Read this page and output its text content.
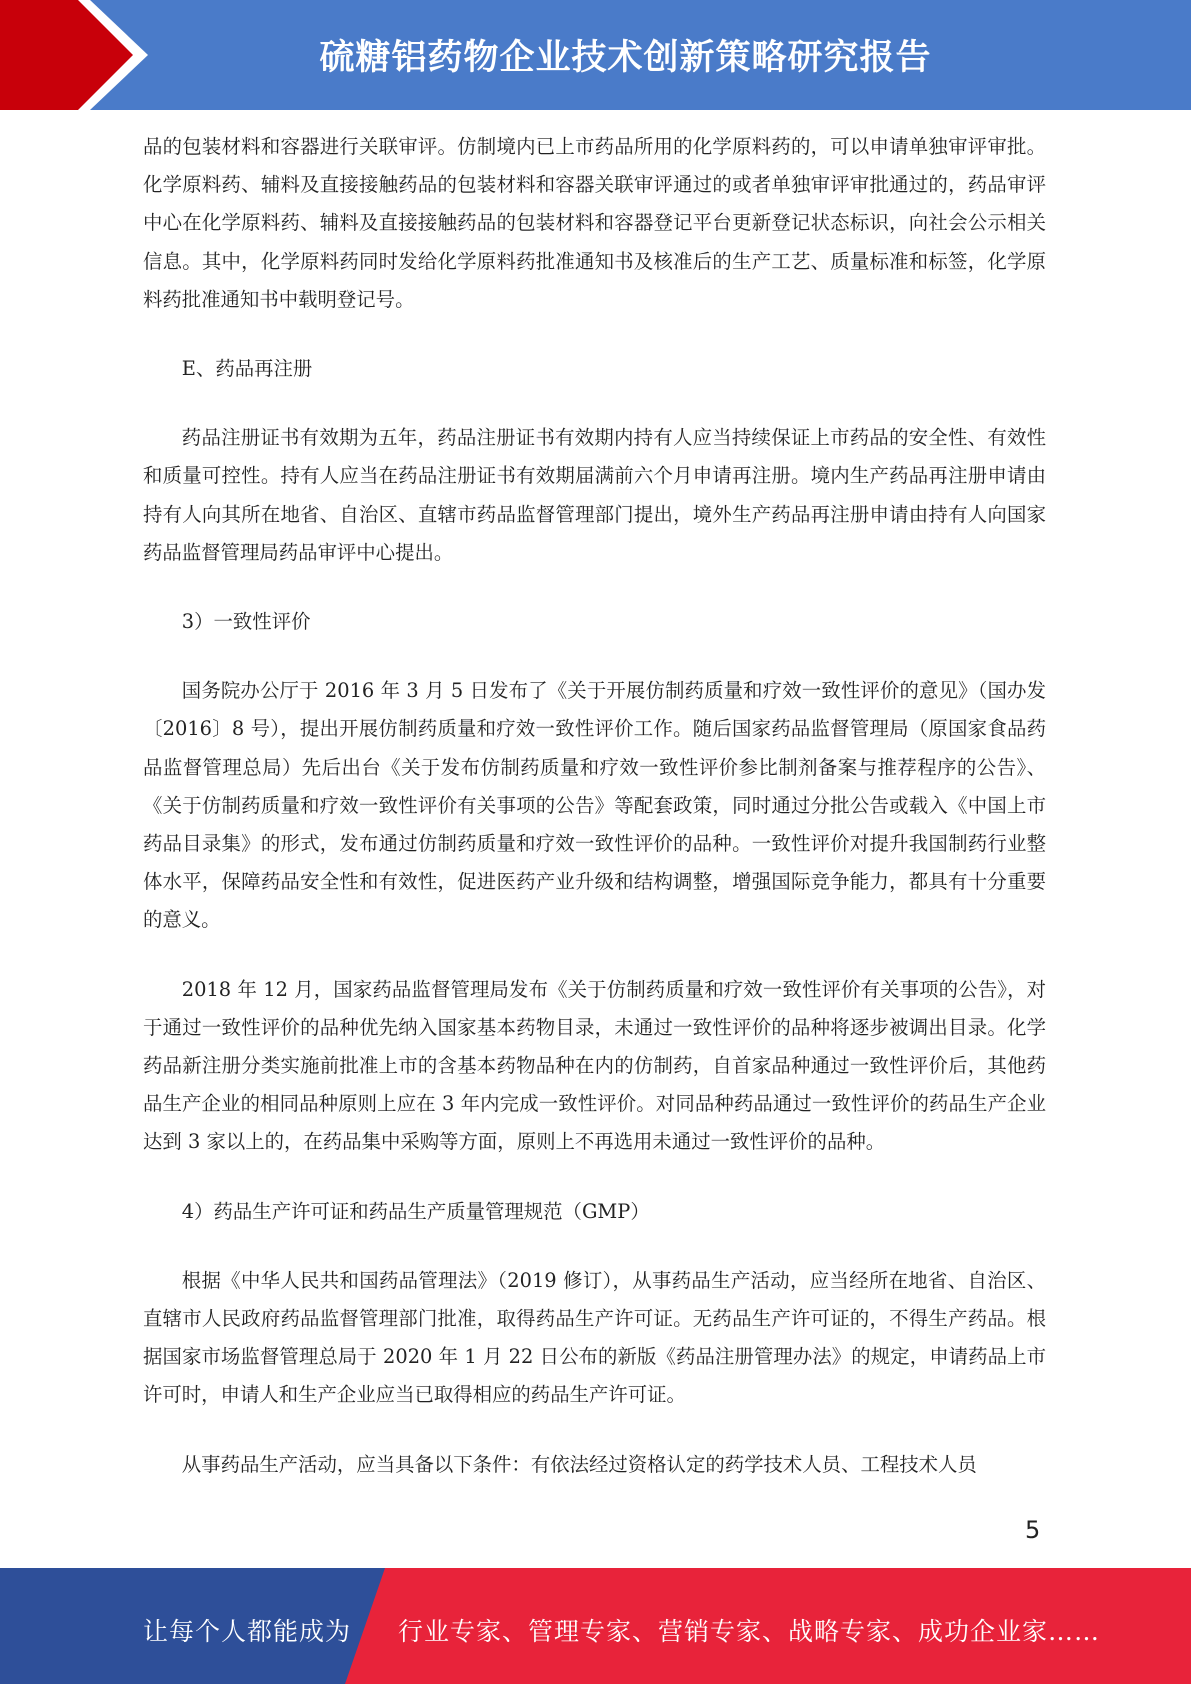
硫糖铝药物企业技术创新策略研究报告

品的包装材料和容器进行关联审评。仿制境内已上市药品所用的化学原料药的，可以申请单独审评审批。化学原料药、辅料及直接接触药品的包装材料和容器关联审评通过的或者单独审评审批通过的，药品审评中心在化学原料药、辅料及直接接触药品的包装材料和容器登记平台更新登记状态标识，向社会公示相关信息。其中，化学原料药同时发给化学原料药批准通知书及核准后的生产工艺、质量标准和标签，化学原料药批准通知书中载明登记号。

E、药品再注册

药品注册证书有效期为五年，药品注册证书有效期内持有人应当持续保证上市药品的安全性、有效性和质量可控性。持有人应当在药品注册证书有效期届满前六个月申请再注册。境内生产药品再注册申请由持有人向其所在地省、自治区、直辖市药品监督管理部门提出，境外生产药品再注册申请由持有人向国家药品监督管理局药品审评中心提出。

3）一致性评价

国务院办公厅于 2016 年 3 月 5 日发布了《关于开展仿制药质量和疗效一致性评价的意见》（国办发〔2016〕8 号），提出开展仿制药质量和疗效一致性评价工作。随后国家药品监督管理局（原国家食品药品监督管理总局）先后出台《关于发布仿制药质量和疗效一致性评价参比制剂备案与推荐程序的公告》、《关于仿制药质量和疗效一致性评价有关事项的公告》等配套政策，同时通过分批公告或载入《中国上市药品目录集》的形式，发布通过仿制药质量和疗效一致性评价的品种。一致性评价对提升我国制药行业整体水平，保障药品安全性和有效性，促进医药产业升级和结构调整，增强国际竞争能力，都具有十分重要的意义。

2018 年 12 月，国家药品监督管理局发布《关于仿制药质量和疗效一致性评价有关事项的公告》，对于通过一致性评价的品种优先纳入国家基本药物目录，未通过一致性评价的品种将逐步被调出目录。化学药品新注册分类实施前批准上市的含基本药物品种在内的仿制药，自首家品种通过一致性评价后，其他药品生产企业的相同品种原则上应在 3 年内完成一致性评价。对同品种药品通过一致性评价的药品生产企业达到 3 家以上的，在药品集中采购等方面，原则上不再选用未通过一致性评价的品种。

4）药品生产许可证和药品生产质量管理规范（GMP）

根据《中华人民共和国药品管理法》（2019 修订），从事药品生产活动，应当经所在地省、自治区、直辖市人民政府药品监督管理部门批准，取得药品生产许可证。无药品生产许可证的，不得生产药品。根据国家市场监督管理总局于 2020 年 1 月 22 日公布的新版《药品注册管理办法》的规定，申请药品上市许可时，申请人和生产企业应当已取得相应的药品生产许可证。

从事药品生产活动，应当具备以下条件：有依法经过资格认定的药学技术人员、工程技术人员

5
让每个人都能成为 行业专家、管理专家、营销专家、战略专家、成功企业家……
